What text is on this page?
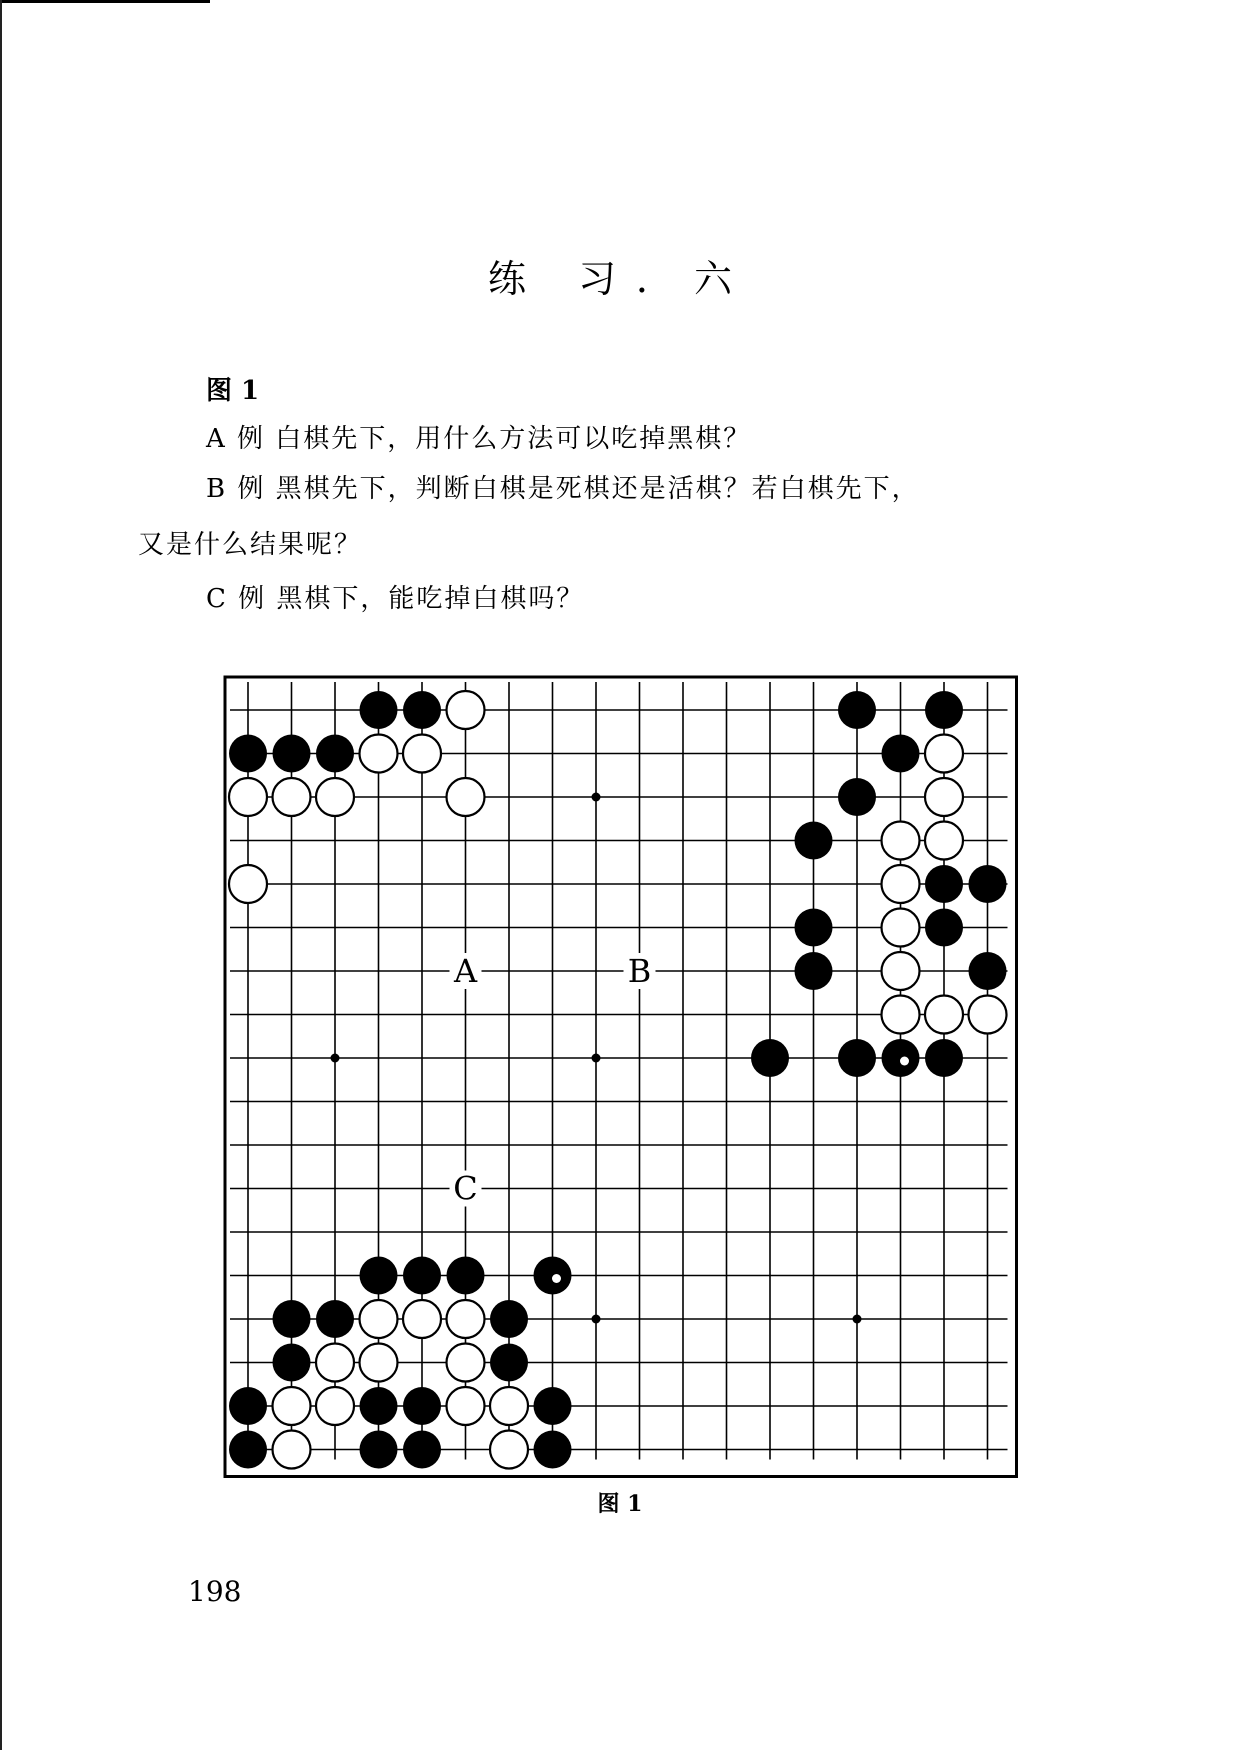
练 习．六
图 1
A 例 白棋先下，用什么方法可以吃掉黑棋？
B 例 黑棋先下，判断白棋是死棋还是活棋？若白棋先下，
又是什么结果呢？
C 例 黑棋下，能吃掉白棋吗？
A	B
C
图 1
198
